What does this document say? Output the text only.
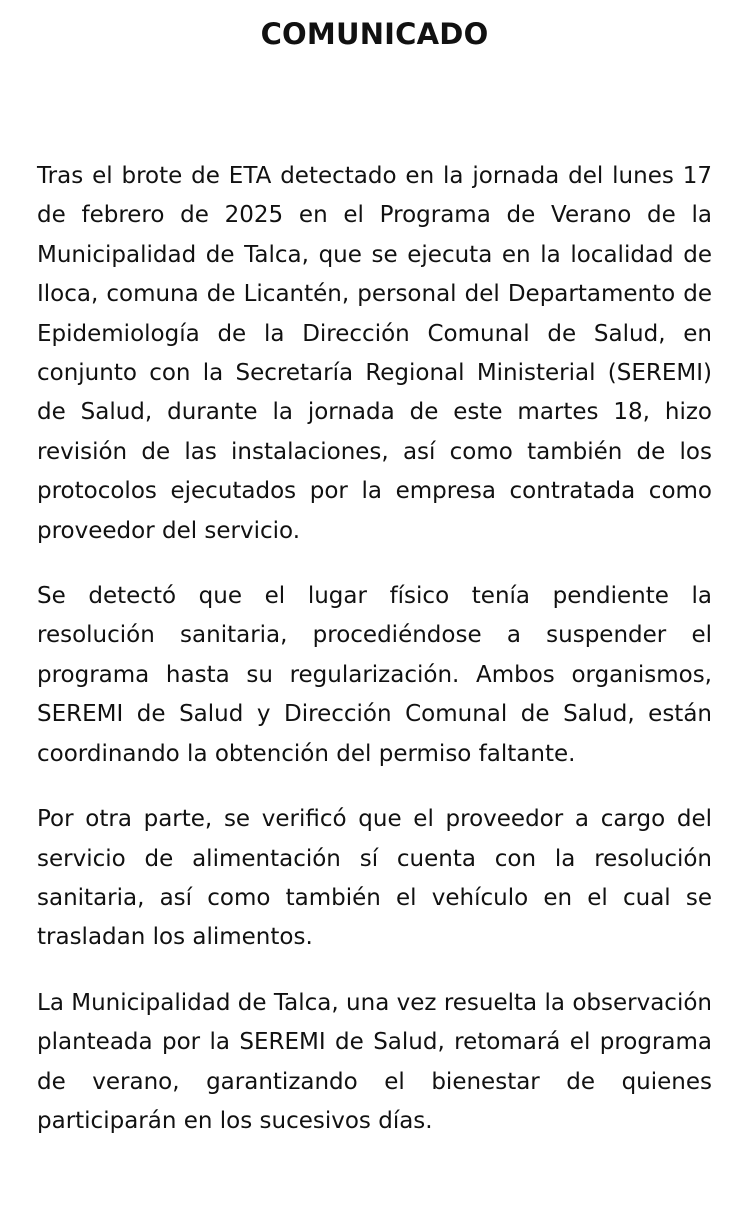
COMUNICADO

Tras el brote de ETA detectado en la jornada del lunes 17 de febrero de 2025 en el Programa de Verano de la Municipalidad de Talca, que se ejecuta en la localidad de Iloca, comuna de Licantén, personal del Departamento de Epidemiología de la Dirección Comunal de Salud, en conjunto con la Secretaría Regional Ministerial (SEREMI) de Salud, durante la jornada de este martes 18, hizo revisión de las instalaciones, así como también de los protocolos ejecutados por la empresa contratada como proveedor del servicio.

Se detectó que el lugar físico tenía pendiente la resolución sanitaria, procediéndose a suspender el programa hasta su regularización. Ambos organismos, SEREMI de Salud y Dirección Comunal de Salud, están coordinando la obtención del permiso faltante.

Por otra parte, se verificó que el proveedor a cargo del servicio de alimentación sí cuenta con la resolución sanitaria, así como también el vehículo en el cual se trasladan los alimentos.

La Municipalidad de Talca, una vez resuelta la observación planteada por la SEREMI de Salud, retomará el programa de verano, garantizando el bienestar de quienes participarán en los sucesivos días.
